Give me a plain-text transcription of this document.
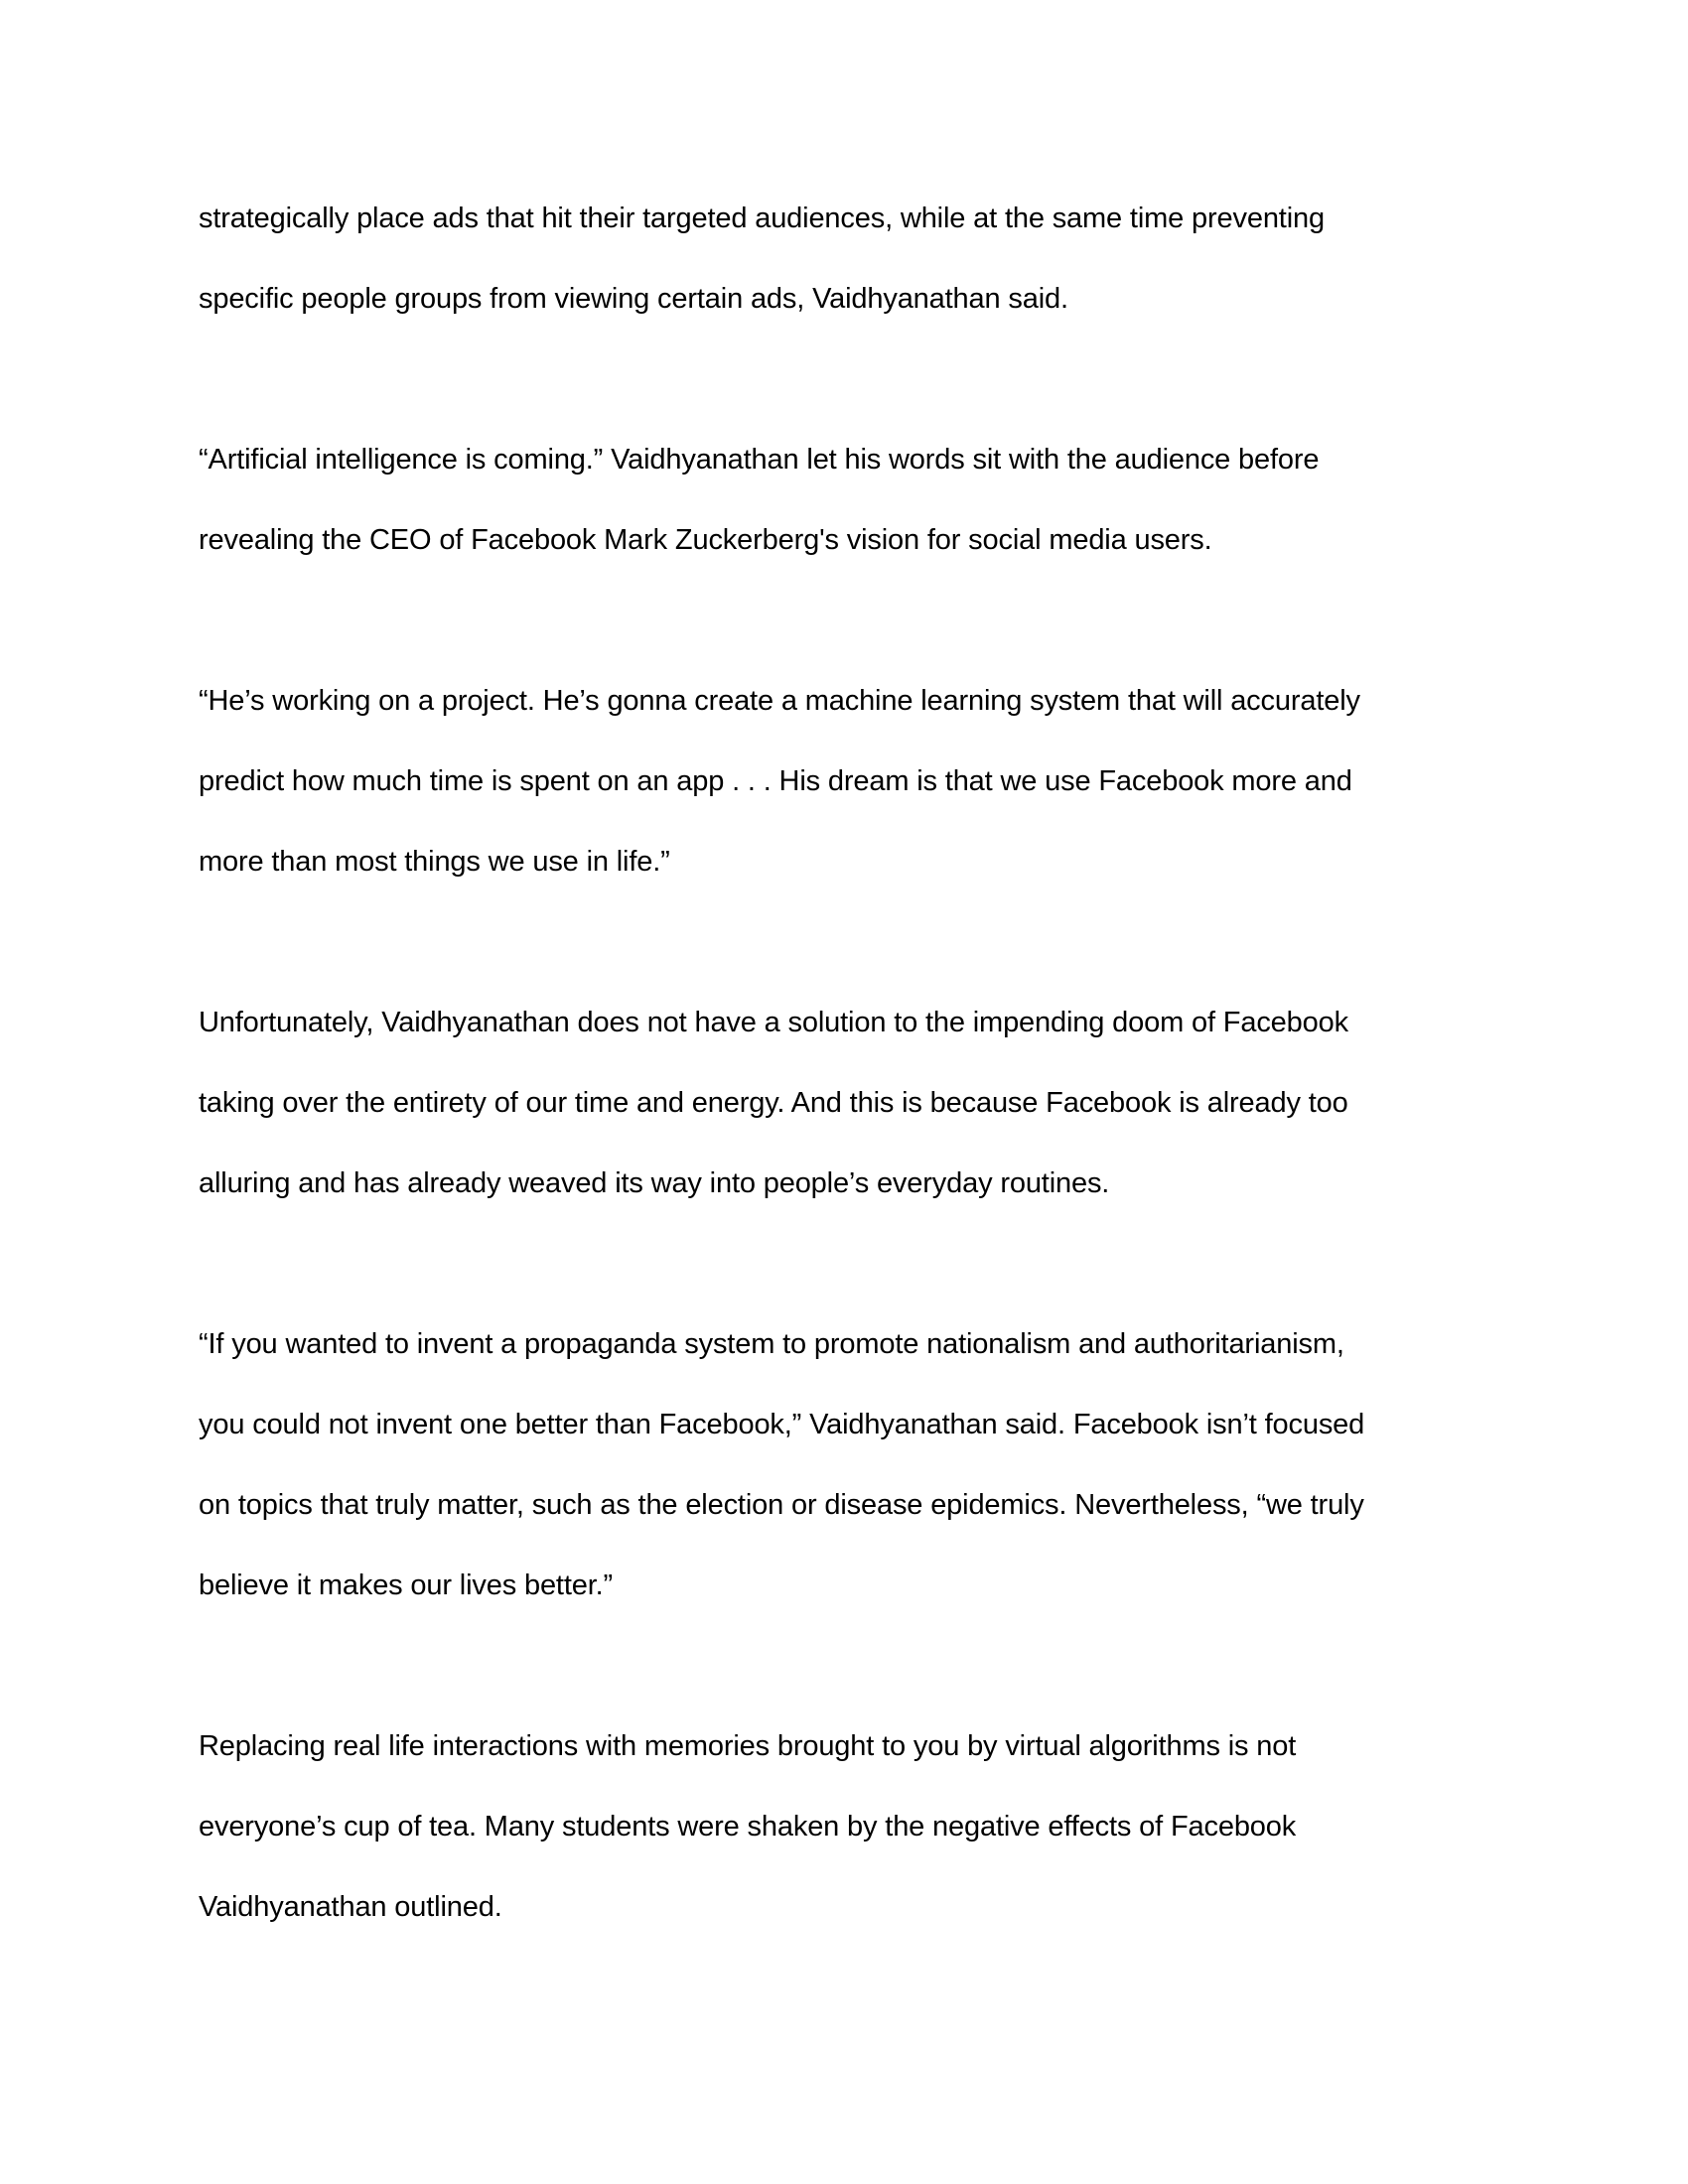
strategically place ads that hit their targeted audiences, while at the same time preventing
specific people groups from viewing certain ads, Vaidhyanathan said.
“Artificial intelligence is coming.” Vaidhyanathan let his words sit with the audience before
revealing the CEO of Facebook Mark Zuckerberg's vision for social media users.
“He’s working on a project. He’s gonna create a machine learning system that will accurately
predict how much time is spent on an app . . . His dream is that we use Facebook more and
more than most things we use in life.”
Unfortunately, Vaidhyanathan does not have a solution to the impending doom of Facebook
taking over the entirety of our time and energy. And this is because Facebook is already too
alluring and has already weaved its way into people’s everyday routines.
“If you wanted to invent a propaganda system to promote nationalism and authoritarianism,
you could not invent one better than Facebook,” Vaidhyanathan said. Facebook isn’t focused
on topics that truly matter, such as the election or disease epidemics. Nevertheless, “we truly
believe it makes our lives better.”
Replacing real life interactions with memories brought to you by virtual algorithms is not
everyone’s cup of tea. Many students were shaken by the negative effects of Facebook
Vaidhyanathan outlined.
